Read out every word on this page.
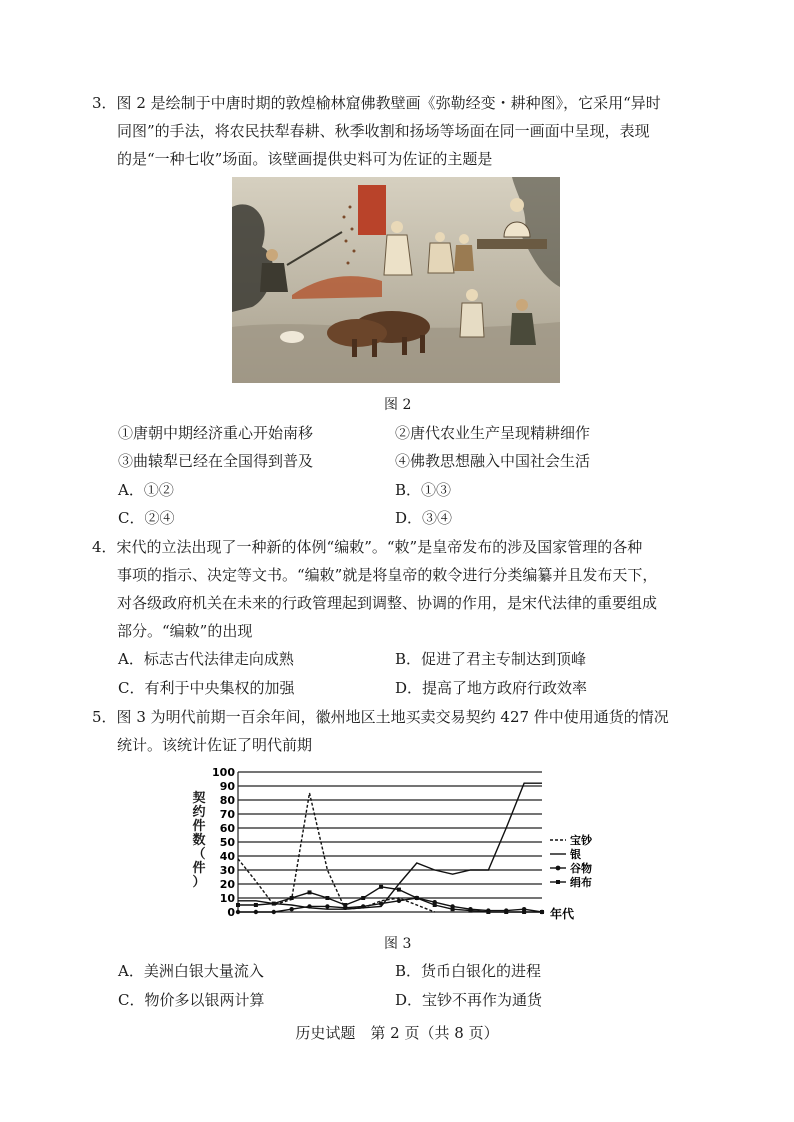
3．图 2 是绘制于中唐时期的敦煌榆林窟佛教壁画《弥勒经变・耕种图》，它采用“异时
同图”的手法，将农民扶犁春耕、秋季收割和扬场等场面在同一画面中呈现，表现
的是“一种七收”场面。该壁画提供史料可为佐证的主题是
图 2
①唐朝中期经济重心开始南移	②唐代农业生产呈现精耕细作
③曲辕犁已经在全国得到普及	④佛教思想融入中国社会生活
A．①②	B．①③
C．②④	D．③④
4．宋代的立法出现了一种新的体例“编敕”。“敕”是皇帝发布的涉及国家管理的各种
事项的指示、决定等文书。“编敕”就是将皇帝的敕令进行分类编纂并且发布天下，
对各级政府机关在未来的行政管理起到调整、协调的作用，是宋代法律的重要组成
部分。“编敕”的出现
A．标志古代法律走向成熟	B．促进了君主专制达到顶峰
C．有利于中央集权的加强	D．提高了地方政府行政效率
5．图 3 为明代前期一百余年间，徽州地区土地买卖交易契约 427 件中使用通货的情况
统计。该统计佐证了明代前期
0
10
20
30
40
50
60
70
80
90
100
宝钞
银
谷物
绢布
年代
契
约
件
数
（
件
）
图 3
A．美洲白银大量流入	B．货币白银化的进程
C．物价多以银两计算	D．宝钞不再作为通货
历史试题　第 2 页（共 8 页）
